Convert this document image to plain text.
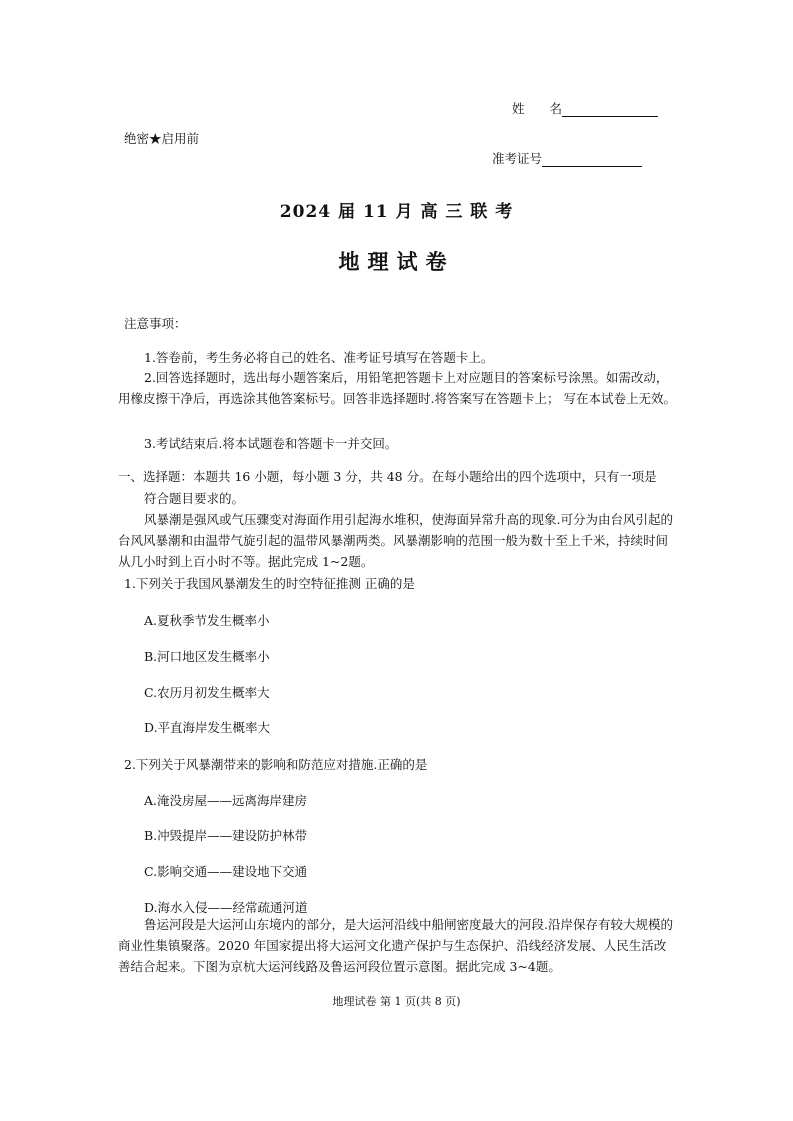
姓　　名
绝密★启用前
准考证号
2024 届 11 月 高 三 联 考
地理试卷
注意事项：
1.答卷前，考生务必将自己的姓名、准考证号填写在答题卡上。
2.回答选择题时，选出每小题答案后，用铅笔把答题卡上对应题目的答案标号涂黑。如需改动，用橡皮擦干净后，再选涂其他答案标号。回答非选择题时.将答案写在答题卡上； 写在本试卷上无效。
3.考试结束后.将本试题卷和答题卡一并交回。
一、选择题：本题共 16 小题，每小题 3 分，共 48 分。在每小题给出的四个选项中，只有一项是
符合题目要求的。
风暴潮是强风或气压骤变对海面作用引起海水堆积，使海面异常升高的现象.可分为由台风引起的台风风暴潮和由温带气旋引起的温带风暴潮两类。风暴潮影响的范围一般为数十至上千米，持续时间从几小时到上百小时不等。据此完成 1~2题。
1.下列关于我国风暴潮发生的时空特征推测 正确的是
A.夏秋季节发生概率小
B.河口地区发生概率小
C.农历月初发生概率大
D.平直海岸发生概率大
2.下列关于风暴潮带来的影响和防范应对措施.正确的是
A.淹没房屋——远离海岸建房
B.冲毁提岸——建设防护林带
C.影响交通——建设地下交通
D.海水入侵——经常疏通河道
鲁运河段是大运河山东境内的部分，是大运河沿线中船闸密度最大的河段.沿岸保存有较大规模的商业性集镇聚落。2020 年国家提出将大运河文化遗产保护与生态保护、沿线经济发展、人民生活改善结合起来。下图为京杭大运河线路及鲁运河段位置示意图。据此完成 3~4题。
地理试卷 第 1 页(共 8 页)
